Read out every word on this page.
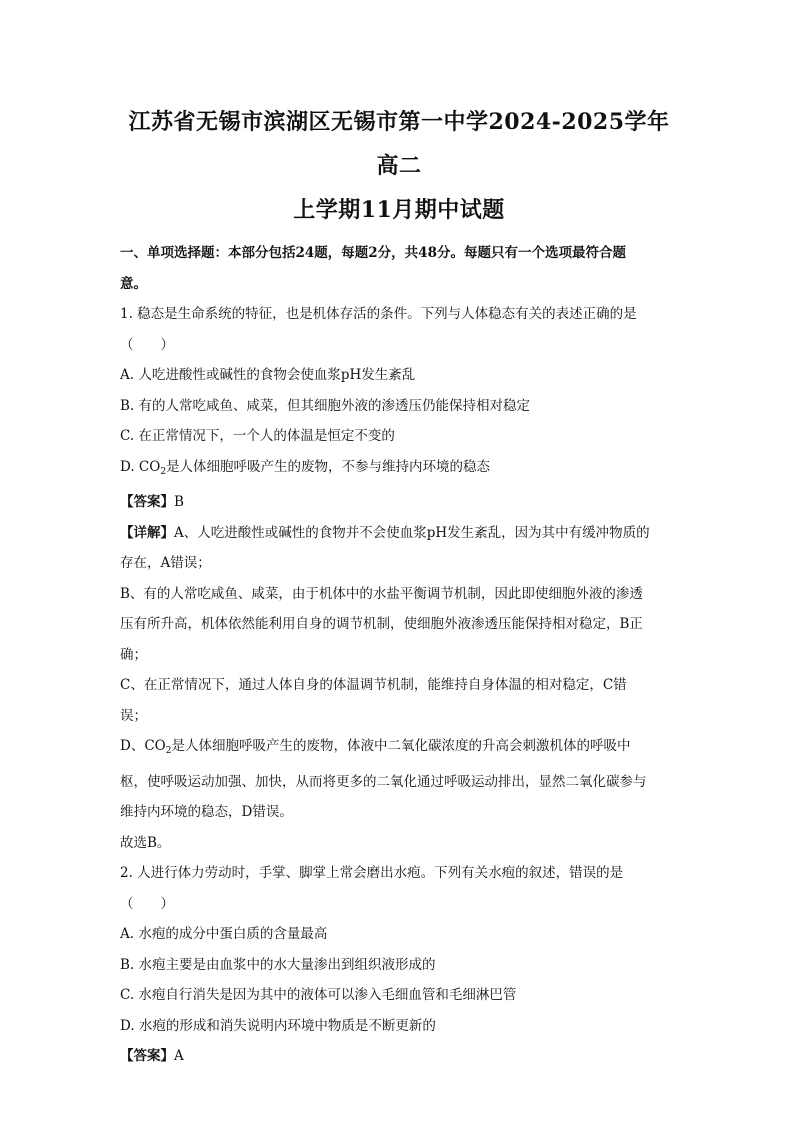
江苏省无锡市滨湖区无锡市第一中学2024-2025学年高二
上学期11月期中试题
一、单项选择题：本部分包括24题，每题2分，共48分。每题只有一个选项最符合题
意。
1. 稳态是生命系统的特征，也是机体存活的条件。下列与人体稳态有关的表述正确的是
（　　）
A. 人吃进酸性或碱性的食物会使血浆pH发生紊乱
B. 有的人常吃咸鱼、咸菜，但其细胞外液的渗透压仍能保持相对稳定
C. 在正常情况下，一个人的体温是恒定不变的
D. $CO_2$是人体细胞呼吸产生的废物，不参与维持内环境的稳态
【答案】B
【详解】A、人吃进酸性或碱性的食物并不会使血浆pH发生紊乱，因为其中有缓冲物质的
存在，A错误；
B、有的人常吃咸鱼、咸菜，由于机体中的水盐平衡调节机制，因此即使细胞外液的渗透
压有所升高，机体依然能利用自身的调节机制，使细胞外液渗透压能保持相对稳定，B正
确；
C、在正常情况下，通过人体自身的体温调节机制，能维持自身体温的相对稳定，C错
误；
D、$CO_2$是人体细胞呼吸产生的废物，体液中二氧化碳浓度的升高会刺激机体的呼吸中
枢，使呼吸运动加强、加快，从而将更多的二氧化通过呼吸运动排出，显然二氧化碳参与
维持内环境的稳态，D错误。
故选B。
2. 人进行体力劳动时，手掌、脚掌上常会磨出水疱。下列有关水疱的叙述，错误的是
（　　）
A. 水疱的成分中蛋白质的含量最高
B. 水疱主要是由血浆中的水大量渗出到组织液形成的
C. 水疱自行消失是因为其中的液体可以渗入毛细血管和毛细淋巴管
D. 水疱的形成和消失说明内环境中物质是不断更新的
【答案】A
